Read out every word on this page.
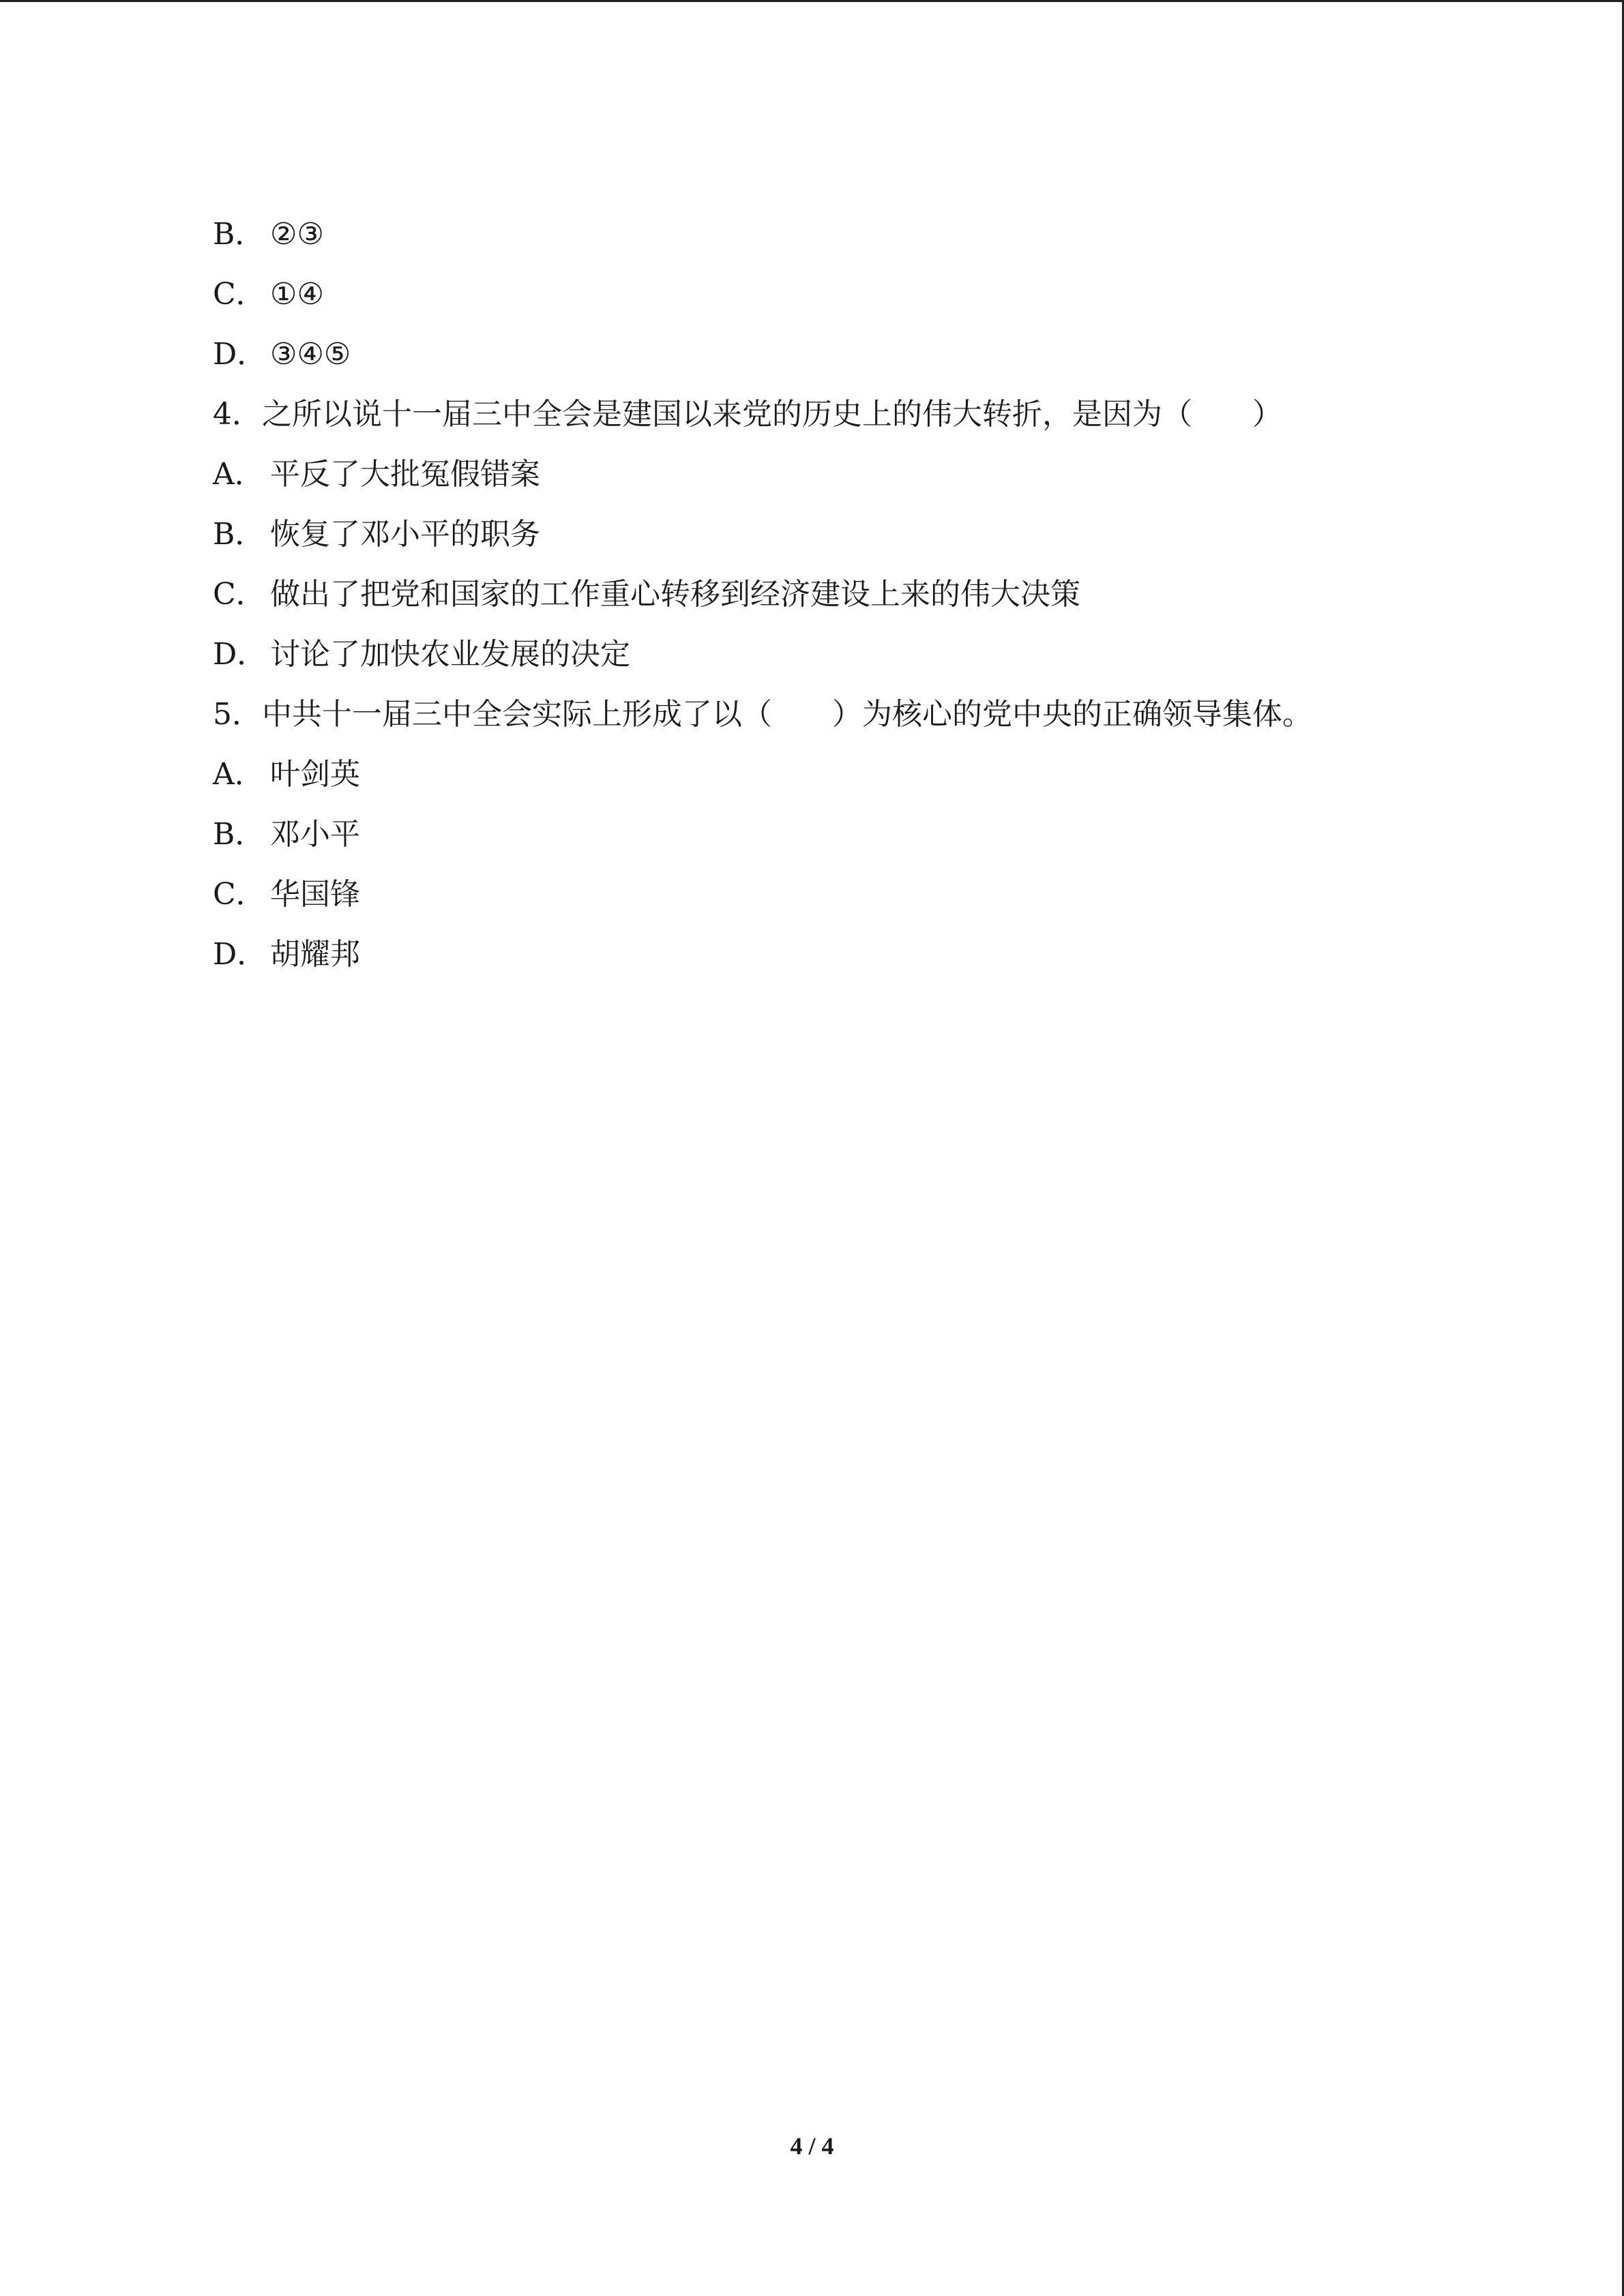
B． ②③
C． ①④
D． ③④⑤
4．之所以说十一届三中全会是建国以来党的历史上的伟大转折，是因为（　　）
A． 平反了大批冤假错案
B． 恢复了邓小平的职务
C． 做出了把党和国家的工作重心转移到经济建设上来的伟大决策
D． 讨论了加快农业发展的决定
5．中共十一届三中全会实际上形成了以（　　）为核心的党中央的正确领导集体。
A． 叶剑英
B． 邓小平
C． 华国锋
D． 胡耀邦
4 / 4
